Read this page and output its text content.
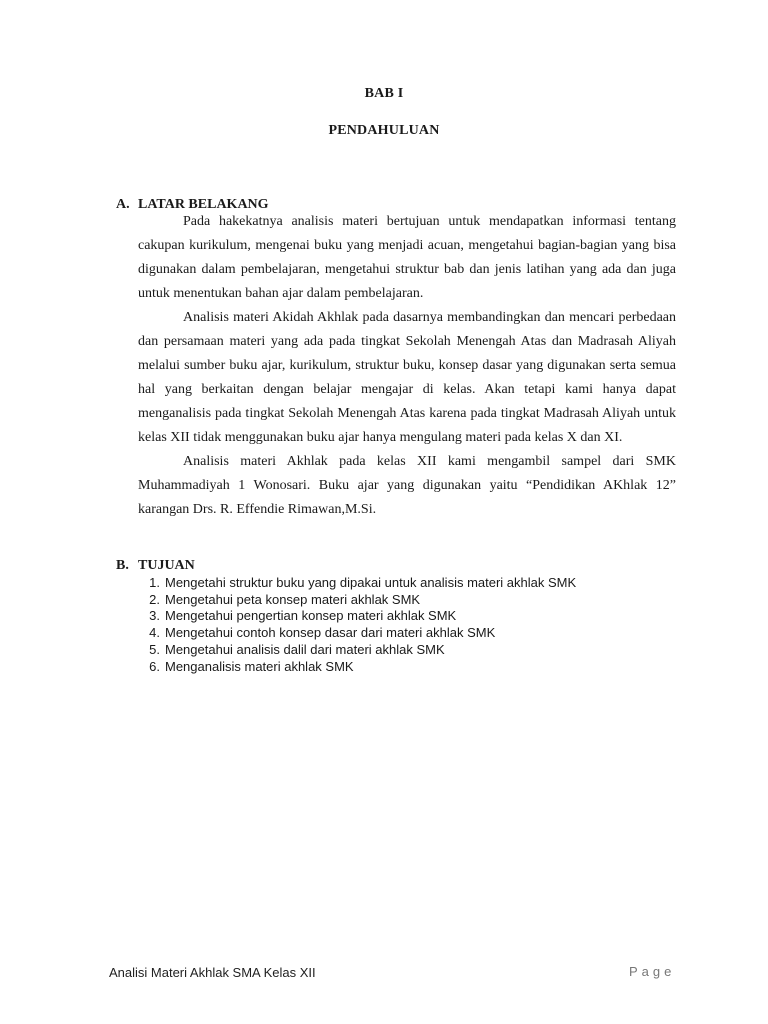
BAB I
PENDAHULUAN
A. LATAR BELAKANG

Pada hakekatnya analisis materi bertujuan untuk mendapatkan informasi tentang cakupan kurikulum, mengenai buku yang menjadi acuan, mengetahui bagian-bagian yang bisa digunakan dalam pembelajaran, mengetahui struktur bab dan jenis latihan yang ada dan juga untuk menentukan bahan ajar dalam pembelajaran.

Analisis materi Akidah Akhlak pada dasarnya membandingkan dan mencari perbedaan dan persamaan materi yang ada pada tingkat Sekolah Menengah Atas dan Madrasah Aliyah melalui sumber buku ajar, kurikulum, struktur buku, konsep dasar yang digunakan serta semua hal yang berkaitan dengan belajar mengajar di kelas. Akan tetapi kami hanya dapat menganalisis pada tingkat Sekolah Menengah Atas karena pada tingkat Madrasah Aliyah untuk kelas XII tidak menggunakan buku ajar hanya mengulang materi pada kelas X dan XI.

Analisis materi Akhlak pada kelas XII kami mengambil sampel dari SMK Muhammadiyah 1 Wonosari. Buku ajar yang digunakan yaitu “Pendidikan AKhlak 12” karangan Drs. R. Effendie Rimawan,M.Si.

B. TUJUAN
1. Mengetahi struktur buku yang dipakai untuk analisis materi akhlak SMK
2. Mengetahui peta konsep materi akhlak SMK
3. Mengetahui pengertian konsep materi akhlak SMK
4. Mengetahui contoh konsep dasar dari materi akhlak SMK
5. Mengetahui analisis dalil dari materi akhlak SMK
6. Menganalisis materi akhlak SMK
Analisi Materi Akhlak SMA Kelas XII	Page
